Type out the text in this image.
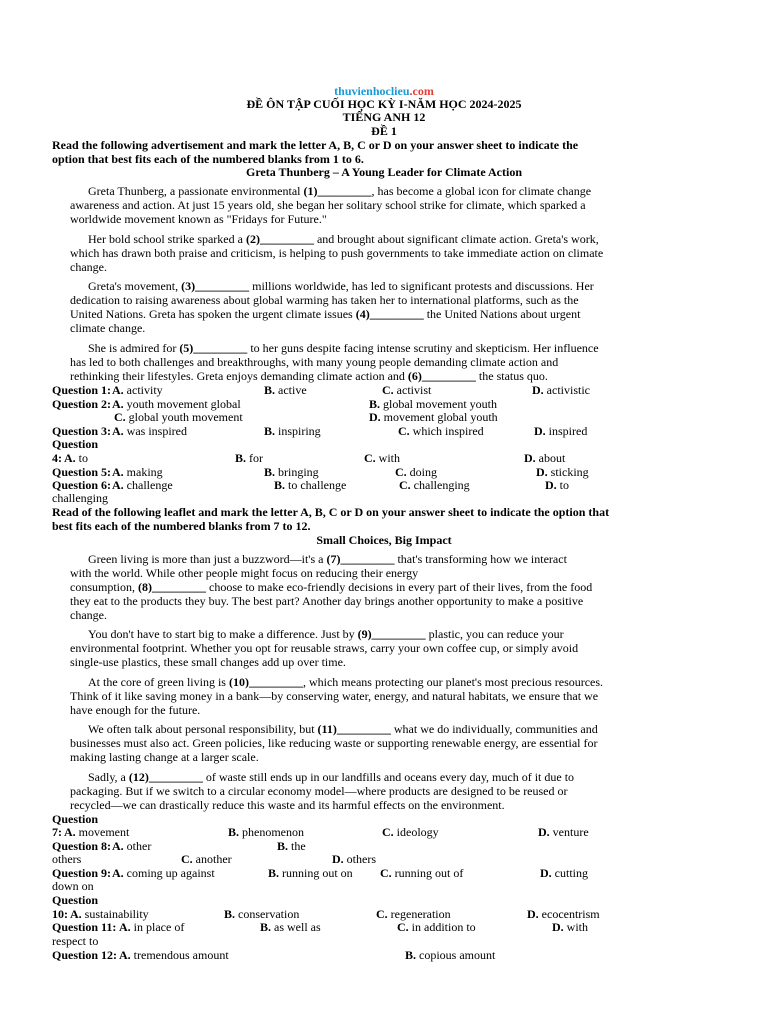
thuvienhoclieu.com
ĐỀ ÔN TẬP CUỐI HỌC KỲ I-NĂM HỌC 2024-2025
TIẾNG ANH 12
ĐỀ 1
Read the following advertisement and mark the letter A, B, C or D on your answer sheet to indicate the option that best fits each of the numbered blanks from 1 to 6.
Greta Thunberg – A Young Leader for Climate Action
Greta Thunberg, a passionate environmental (1)_________, has become a global icon for climate change awareness and action. At just 15 years old, she began her solitary school strike for climate, which sparked a worldwide movement known as "Fridays for Future."
Her bold school strike sparked a (2)_________ and brought about significant climate action. Greta's work, which has drawn both praise and criticism, is helping to push governments to take immediate action on climate change.
Greta's movement, (3)_________ millions worldwide, has led to significant protests and discussions. Her dedication to raising awareness about global warming has taken her to international platforms, such as the United Nations. Greta has spoken the urgent climate issues (4)_________ the United Nations about urgent climate change.
She is admired for (5)_________ to her guns despite facing intense scrutiny and skepticism. Her influence has led to both challenges and breakthroughs, with many young people demanding climate action and rethinking their lifestyles. Greta enjoys demanding climate action and (6)_________ the status quo.
Question 1: A. activity	B. active	C. activist	D. activistic
Question 2: A. youth movement global	B. global movement youth
C. global youth movement	D. movement global youth
Question 3: A. was inspired	B. inspiring	C. which inspired	D. inspired
Question
4: A. to	B. for	C. with	D. about
Question 5: A. making	B. bringing	C. doing	D. sticking
Question 6: A. challenge	B. to challenge	C. challenging	D. to
challenging
Read of the following leaflet and mark the letter A, B, C or D on your answer sheet to indicate the option that best fits each of the numbered blanks from 7 to 12.
Small Choices, Big Impact
Green living is more than just a buzzword—it's a (7)_________ that's transforming how we interact
with the world. While other people might focus on reducing their energy
consumption, (8)_________ choose to make eco-friendly decisions in every part of their lives, from the food they eat to the products they buy. The best part? Another day brings another opportunity to make a positive change.
You don't have to start big to make a difference. Just by (9)_________ plastic, you can reduce your environmental footprint. Whether you opt for reusable straws, carry your own coffee cup, or simply avoid single-use plastics, these small changes add up over time.
At the core of green living is (10)_________, which means protecting our planet's most precious resources. Think of it like saving money in a bank—by conserving water, energy, and natural habitats, we ensure that we have enough for the future.
We often talk about personal responsibility, but (11)_________ what we do individually, communities and businesses must also act. Green policies, like reducing waste or supporting renewable energy, are essential for making lasting change at a larger scale.
Sadly, a (12)_________ of waste still ends up in our landfills and oceans every day, much of it due to packaging. But if we switch to a circular economy model—where products are designed to be reused or recycled—we can drastically reduce this waste and its harmful effects on the environment.
Question
7: A. movement	B. phenomenon	C. ideology	D. venture
Question 8: A. other	B. the
others	C. another	D. others
Question 9: A. coming up against	B. running out on C. running out of	D. cutting
down on
Question
10: A. sustainability	B. conservation	C. regeneration	D. ecocentrism
Question 11: A. in place of	B. as well as	C. in addition to	D. with
respect to
Question 12: A. tremendous amount	B. copious amount
